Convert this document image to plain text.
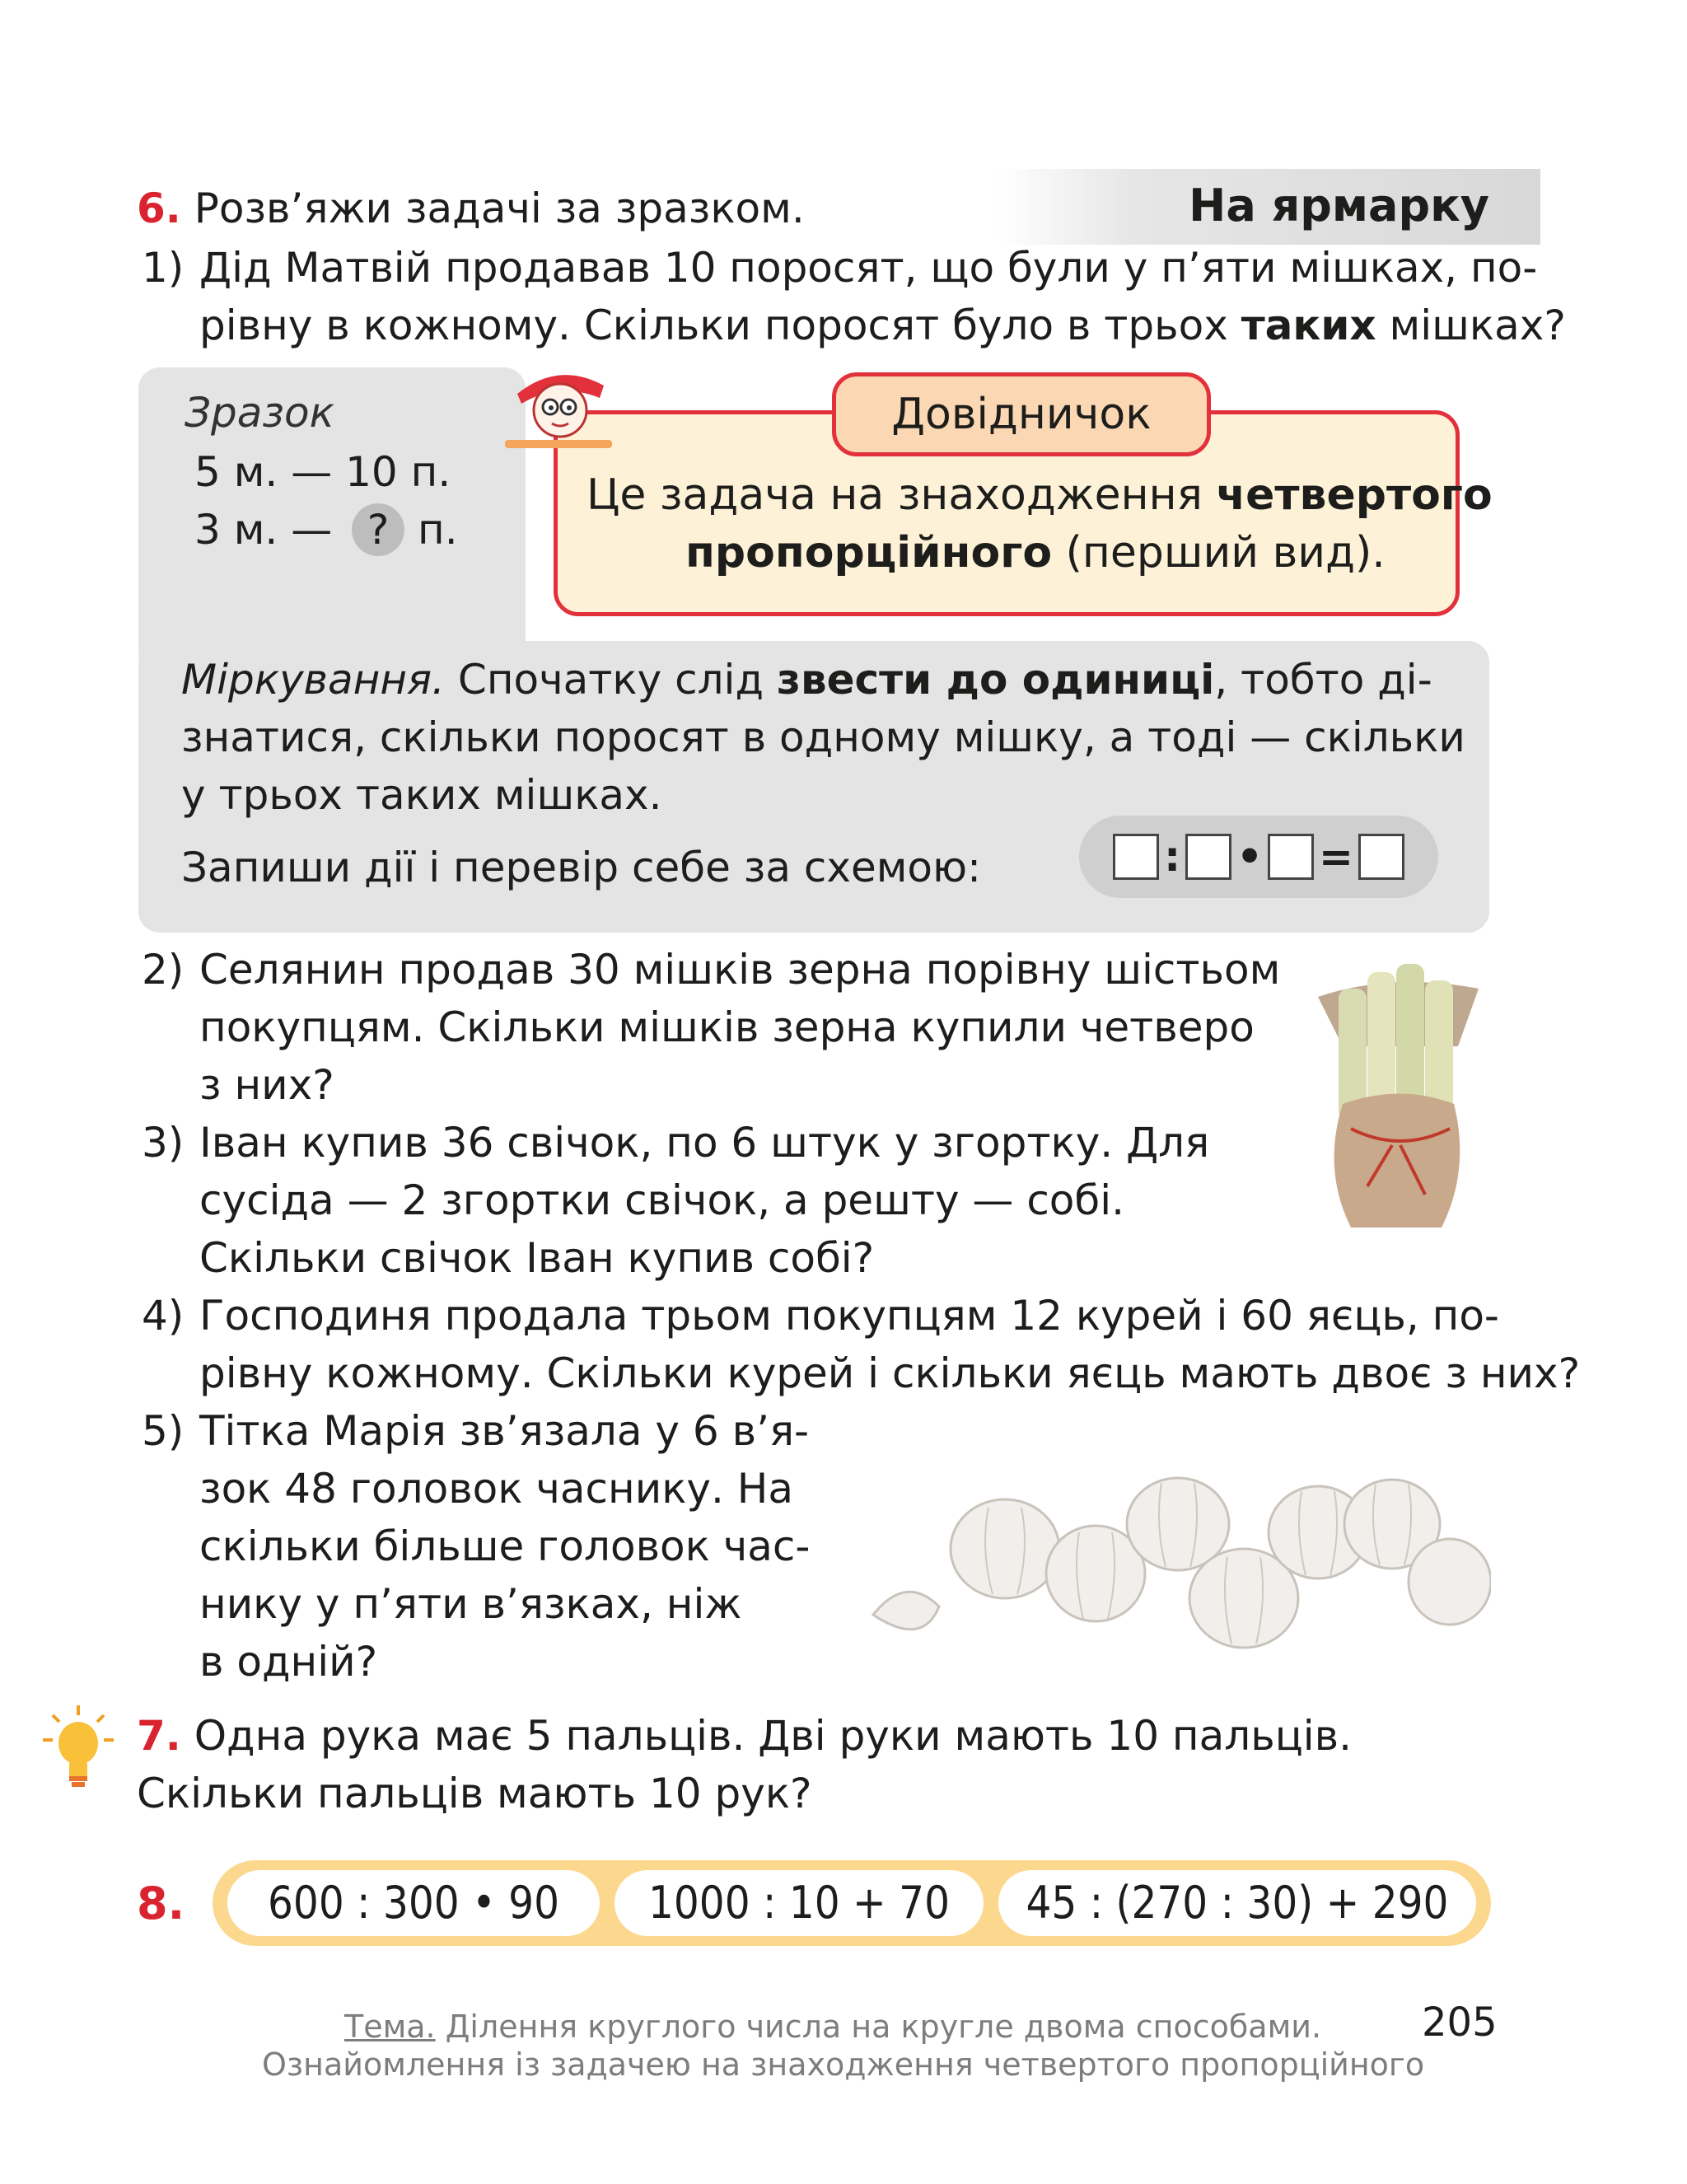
На ярмарку
6. Розв’яжи задачі за зразком.
1) Дід Матвій продавав 10 поросят, що були у п’яти мішках, по-
рівну в кожному. Скільки поросят було в трьох таких мішках?
Зразок
5 м. — 10 п.
3 м. — ? п.
Довідничок
Це задача на знаходження четвертого
пропорційного (перший вид).
Міркування. Спочатку слід звести до одиниці, тобто ді-
знатися, скільки поросят в одному мішку, а тоді — скільки
у трьох таких мішках.
Запиши дії і перевір себе за схемою:	: • =
2) Селянин продав 30 мішків зерна порівну шістьом
покупцям. Скільки мішків зерна купили четверо
з них?
3) Іван купив 36 свічок, по 6 штук у згортку. Для
сусіда — 2 згортки свічок, а решту — собі.
Скільки свічок Іван купив собі?
4) Господиня продала трьом покупцям 12 курей і 60 яєць, по-
рівну кожному. Скільки курей і скільки яєць мають двоє з них?
5) Тітка Марія зв’язала у 6 в’я-
зок 48 головок часнику. На
скільки більше головок час-
нику у п’яти в’язках, ніж
в одній?
7. Одна рука має 5 пальців. Дві руки мають 10 пальців.
Скільки пальців мають 10 рук?
8.	600 : 300 • 90	1000 : 10 + 70	45 : (270 : 30) + 290
Тема. Ділення круглого числа на кругле двома способами.
Ознайомлення із задачею на знаходження четвертого пропорційного
205
